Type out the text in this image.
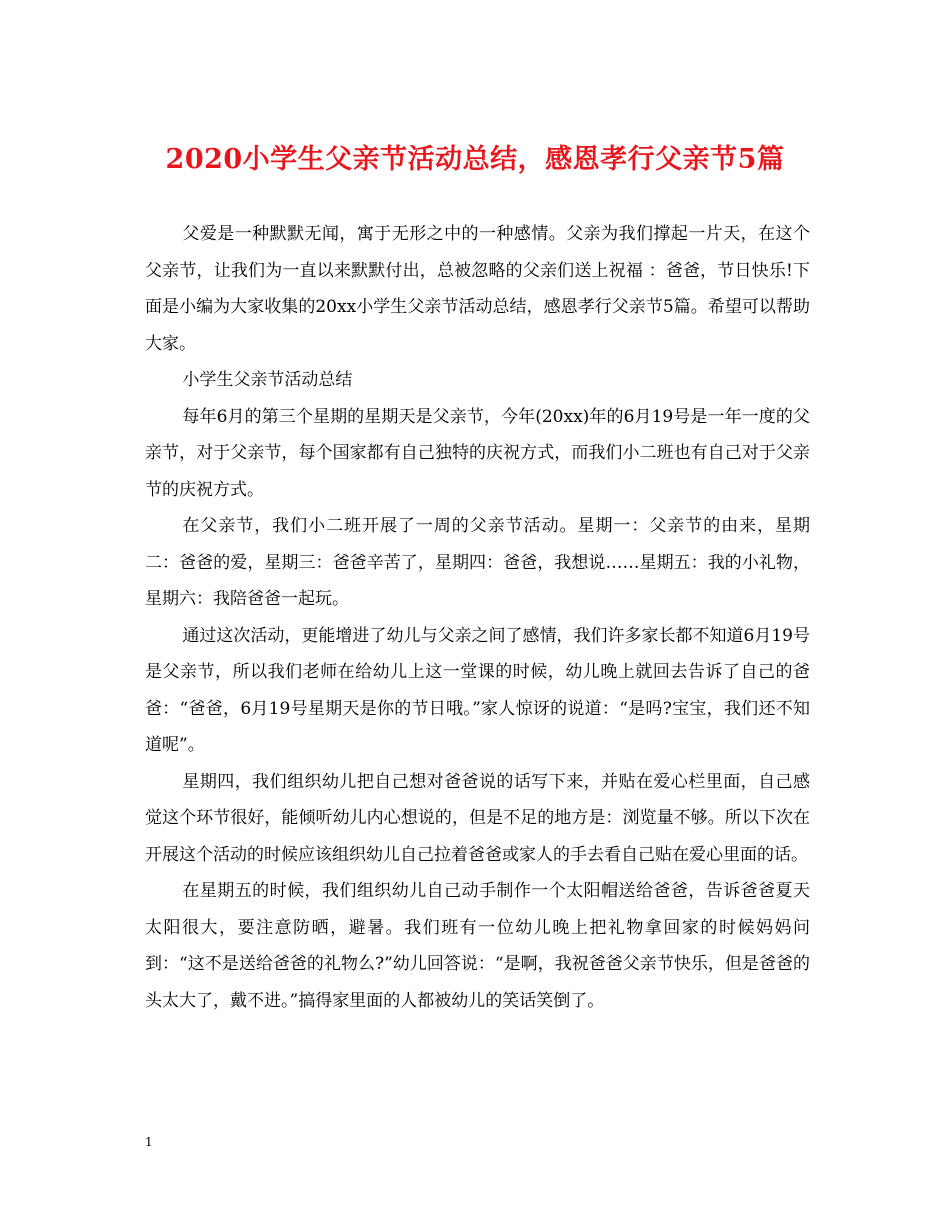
2020小学生父亲节活动总结，感恩孝行父亲节5篇

父爱是一种默默无闻，寓于无形之中的一种感情。父亲为我们撑起一片天，在这个父亲节，让我们为一直以来默默付出，总被忽略的父亲们送上祝福 ：爸爸，节日快乐!下面是小编为大家收集的20xx小学生父亲节活动总结，感恩孝行父亲节5篇。希望可以帮助大家。

小学生父亲节活动总结

每年6月的第三个星期的星期天是父亲节，今年(20xx)年的6月19号是一年一度的父亲节，对于父亲节，每个国家都有自己独特的庆祝方式，而我们小二班也有自己对于父亲节的庆祝方式。

在父亲节，我们小二班开展了一周的父亲节活动。星期一：父亲节的由来，星期二：爸爸的爱，星期三：爸爸辛苦了，星期四：爸爸，我想说……星期五：我的小礼物，星期六：我陪爸爸一起玩。

通过这次活动，更能增进了幼儿与父亲之间了感情，我们许多家长都不知道6月19号是父亲节，所以我们老师在给幼儿上这一堂课的时候，幼儿晚上就回去告诉了自己的爸爸：“爸爸，6月19号星期天是你的节日哦。”家人惊讶的说道：“是吗?宝宝，我们还不知道呢”。

星期四，我们组织幼儿把自己想对爸爸说的话写下来，并贴在爱心栏里面，自己感觉这个环节很好，能倾听幼儿内心想说的，但是不足的地方是：浏览量不够。所以下次在开展这个活动的时候应该组织幼儿自己拉着爸爸或家人的手去看自己贴在爱心里面的话。

在星期五的时候，我们组织幼儿自己动手制作一个太阳帽送给爸爸，告诉爸爸夏天太阳很大，要注意防晒，避暑。我们班有一位幼儿晚上把礼物拿回家的时候妈妈问到：“这不是送给爸爸的礼物么?”幼儿回答说：“是啊，我祝爸爸父亲节快乐，但是爸爸的头太大了，戴不进。”搞得家里面的人都被幼儿的笑话笑倒了。

1
